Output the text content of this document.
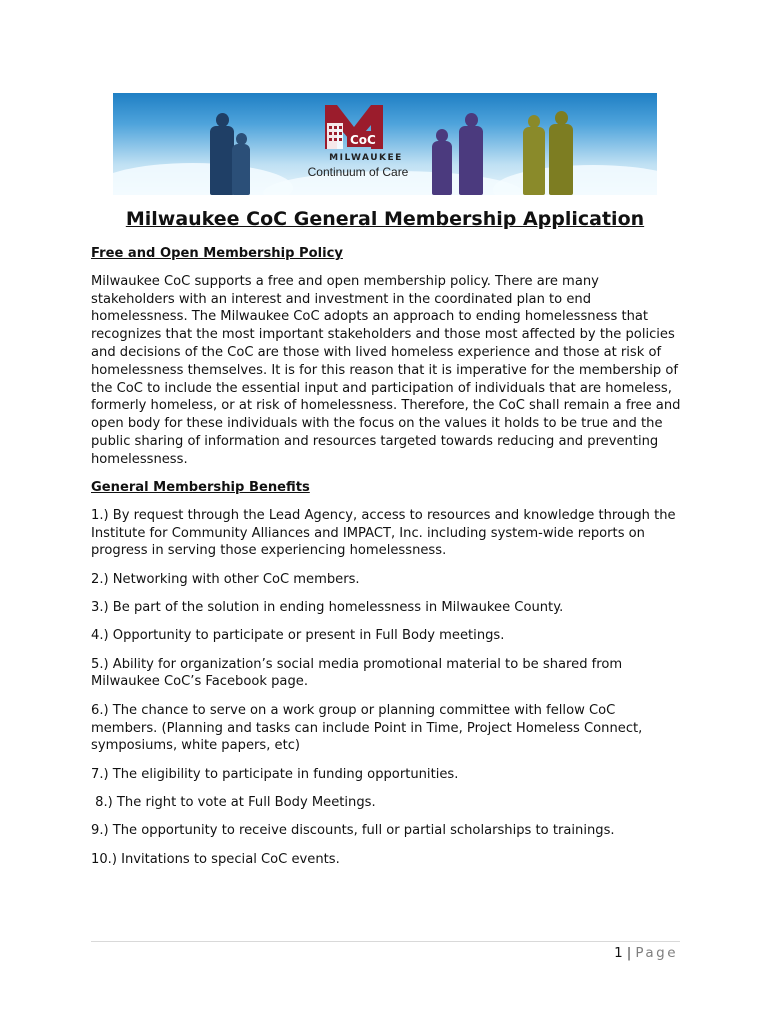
CoC
MILWAUKEE
Continuum of Care
Milwaukee CoC General Membership Application
Free and Open Membership Policy
Milwaukee CoC supports a free and open membership policy. There are many stakeholders with an interest and investment in the coordinated plan to end homelessness. The Milwaukee CoC adopts an approach to ending homelessness that recognizes that the most important stakeholders and those most affected by the policies and decisions of the CoC are those with lived homeless experience and those at risk of homelessness themselves. It is for this reason that it is imperative for the membership of the CoC to include the essential input and participation of individuals that are homeless, formerly homeless, or at risk of homelessness. Therefore, the CoC shall remain a free and open body for these individuals with the focus on the values it holds to be true and the public sharing of information and resources targeted towards reducing and preventing homelessness.
General Membership Benefits
1.) By request through the Lead Agency, access to resources and knowledge through the Institute for Community Alliances and IMPACT, Inc. including system-wide reports on progress in serving those experiencing homelessness.
2.) Networking with other CoC members.
3.) Be part of the solution in ending homelessness in Milwaukee County.
4.) Opportunity to participate or present in Full Body meetings.
5.) Ability for organization’s social media promotional material to be shared from Milwaukee CoC’s Facebook page.
6.) The chance to serve on a work group or planning committee with fellow CoC members. (Planning and tasks can include Point in Time, Project Homeless Connect, symposiums, white papers, etc)
7.) The eligibility to participate in funding opportunities.
8.) The right to vote at Full Body Meetings.
9.) The opportunity to receive discounts, full or partial scholarships to trainings.
10.) Invitations to special CoC events.
1 | Page
